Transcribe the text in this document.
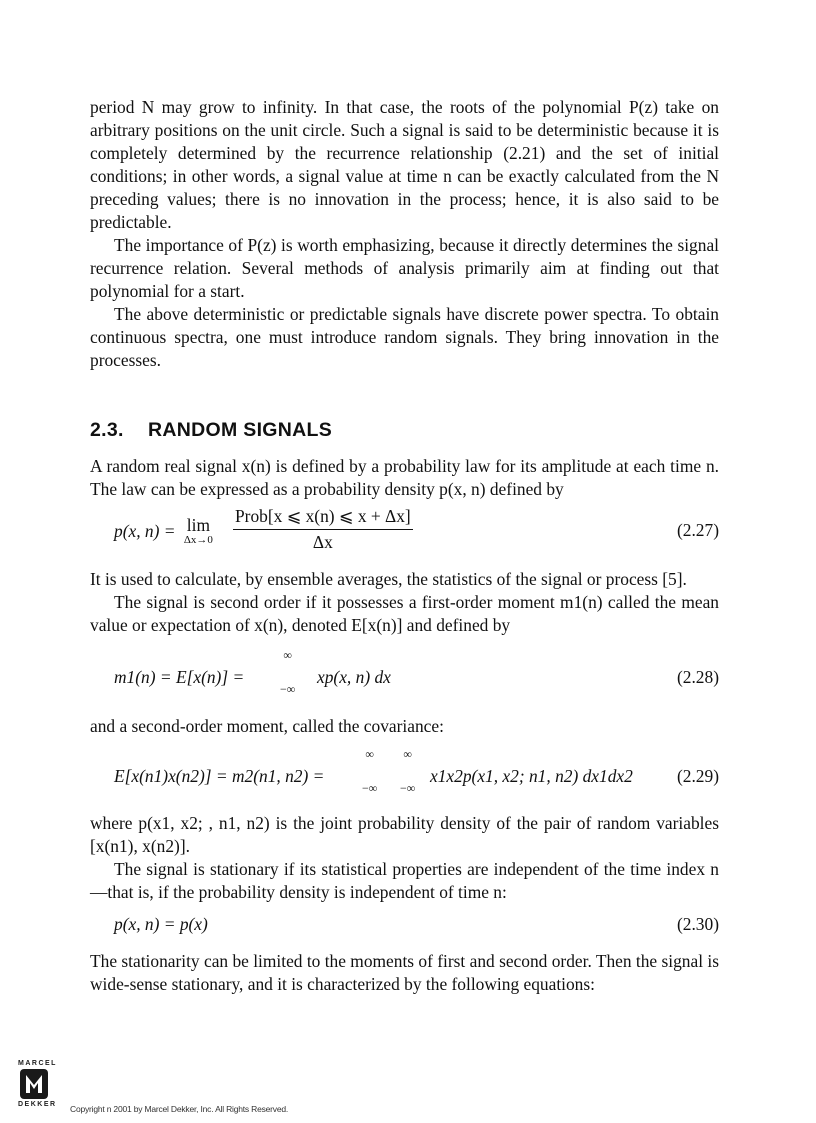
period N may grow to infinity. In that case, the roots of the polynomial P(z) take on arbitrary positions on the unit circle. Such a signal is said to be deterministic because it is completely determined by the recurrence relationship (2.21) and the set of initial conditions; in other words, a signal value at time n can be exactly calculated from the N preceding values; there is no innovation in the process; hence, it is also said to be predictable.

The importance of P(z) is worth emphasizing, because it directly determines the signal recurrence relation. Several methods of analysis primarily aim at finding out that polynomial for a start.

The above deterministic or predictable signals have discrete power spectra. To obtain continuous spectra, one must introduce random signals. They bring innovation in the processes.

2.3. RANDOM SIGNALS

A random real signal x(n) is defined by a probability law for its amplitude at each time n. The law can be expressed as a probability density p(x, n) defined by

p(x, n) = lim
Δx→0
Prob[x ⩽ x(n) ⩽ x + Δx]
Δx
(2.27)

It is used to calculate, by ensemble averages, the statistics of the signal or process [5].

The signal is second order if it possesses a first-order moment m1(n) called the mean value or expectation of x(n), denoted E[x(n)] and defined by

m1(n) = E[x(n)] =
∞
−∞
xp(x, n) dx	(2.28)

and a second-order moment, called the covariance:

E[x(n1)x(n2)] = m2(n1, n2) =
∞
−∞
∞
−∞
x1x2p(x1, x2; n1, n2) dx1dx2	(2.29)

where p(x1, x2; , n1, n2) is the joint probability density of the pair of random variables [x(n1), x(n2)].

The signal is stationary if its statistical properties are independent of the time index n—that is, if the probability density is independent of time n:

p(x, n) = p(x)	(2.30)

The stationarity can be limited to the moments of first and second order. Then the signal is wide-sense stationary, and it is characterized by the following equations:

MARCEL
DEKKER Copyright n 2001 by Marcel Dekker, Inc. All Rights Reserved.
